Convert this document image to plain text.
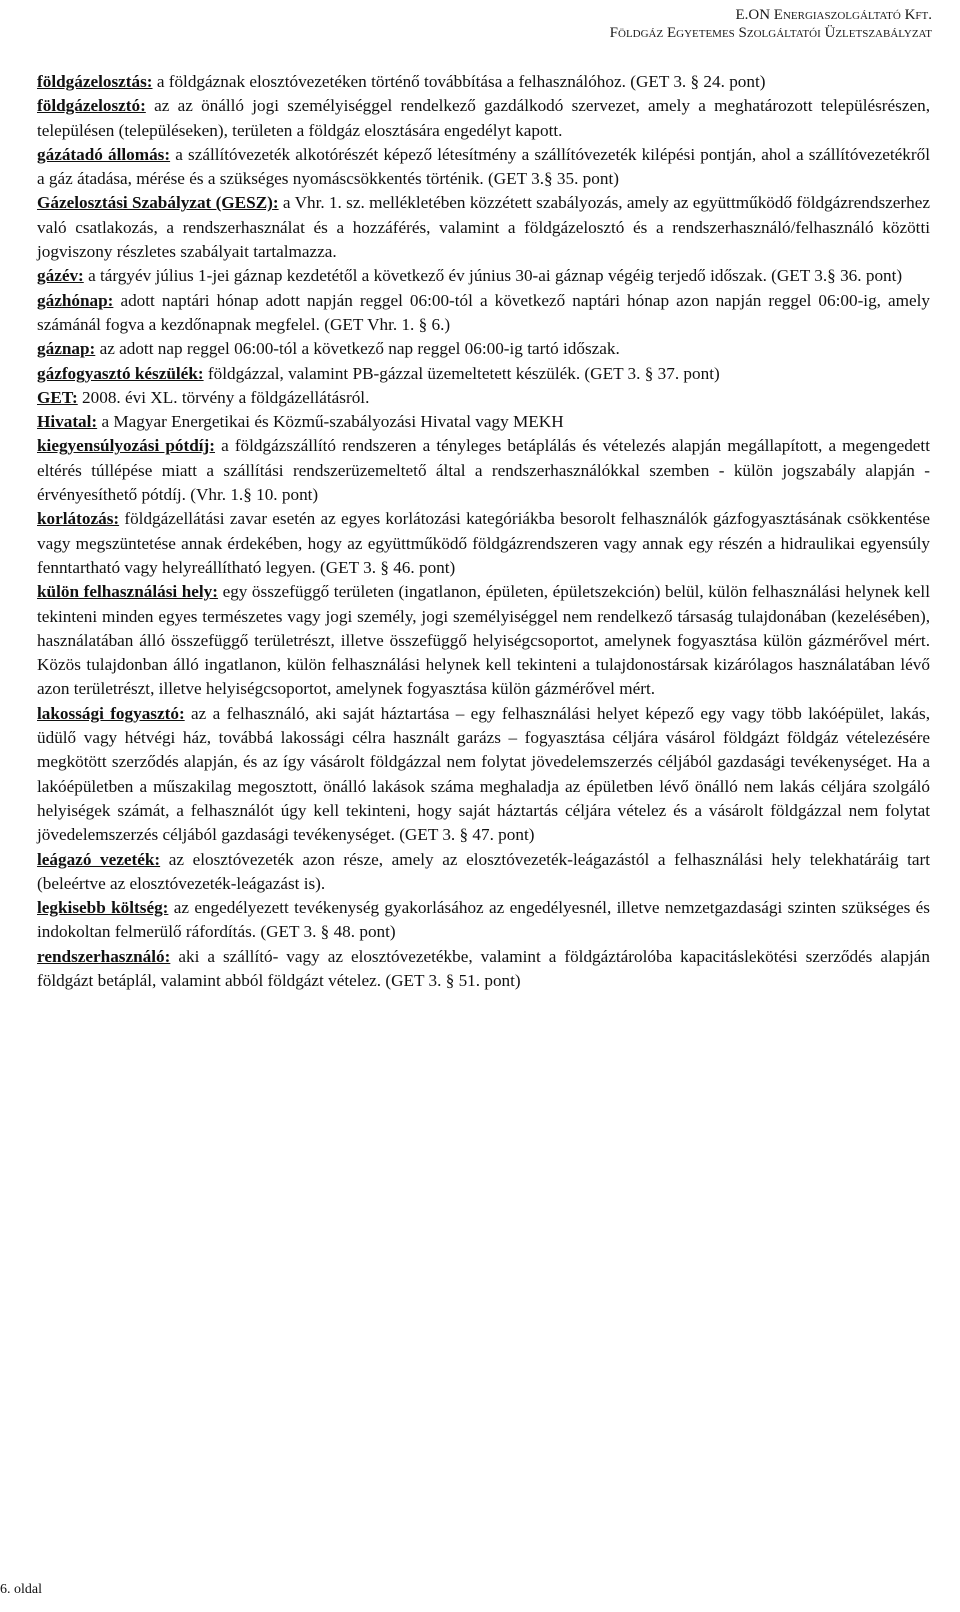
E.ON Energiaszolgáltató Kft.
Földgáz Egyetemes Szolgáltatói Üzletszabályzat

földgázelosztás: a földgáznak elosztóvezetéken történő továbbítása a felhasználóhoz. (GET 3. § 24. pont)

földgázelosztó: az az önálló jogi személyiséggel rendelkező gazdálkodó szervezet, amely a meghatározott településrészen, településen (településeken), területen a földgáz elosztására engedélyt kapott.

gázátadó állomás: a szállítóvezeték alkotórészét képező létesítmény a szállítóvezeték kilépési pontján, ahol a szállítóvezetékről a gáz átadása, mérése és a szükséges nyomáscsökkentés történik. (GET 3.§ 35. pont)

Gázelosztási Szabályzat (GESZ): a Vhr. 1. sz. mellékletében közzétett szabályozás, amely az együttműködő földgázrendszerhez való csatlakozás, a rendszerhasználat és a hozzáférés, valamint a földgázelosztó és a rendszerhasználó/felhasználó közötti jogviszony részletes szabályait tartalmazza.

gázév: a tárgyév július 1-jei gáznap kezdetétől a következő év június 30-ai gáznap végéig terjedő időszak. (GET 3.§ 36. pont)

gázhónap: adott naptári hónap adott napján reggel 06:00-tól a következő naptári hónap azon napján reggel 06:00-ig, amely számánál fogva a kezdőnapnak megfelel. (GET Vhr. 1. § 6.)

gáznap: az adott nap reggel 06:00-tól a következő nap reggel 06:00-ig tartó időszak.

gázfogyasztó készülék: földgázzal, valamint PB-gázzal üzemeltetett készülék. (GET 3. § 37. pont)

GET: 2008. évi XL. törvény a földgázellátásról.

Hivatal: a Magyar Energetikai és Közmű-szabályozási Hivatal vagy MEKH

kiegyensúlyozási pótdíj: a földgázszállító rendszeren a tényleges betáplálás és vételezés alapján megállapított, a megengedett eltérés túllépése miatt a szállítási rendszerüzemeltető által a rendszerhasználókkal szemben - külön jogszabály alapján - érvényesíthető pótdíj. (Vhr. 1.§ 10. pont)

korlátozás: földgázellátási zavar esetén az egyes korlátozási kategóriákba besorolt felhasználók gázfogyasztásának csökkentése vagy megszüntetése annak érdekében, hogy az együttműködő földgázrendszeren vagy annak egy részén a hidraulikai egyensúly fenntartható vagy helyreállítható legyen. (GET 3. § 46. pont)

külön felhasználási hely: egy összefüggő területen (ingatlanon, épületen, épületszekción) belül, külön felhasználási helynek kell tekinteni minden egyes természetes vagy jogi személy, jogi személyiséggel nem rendelkező társaság tulajdonában (kezelésében), használatában álló összefüggő területrészt, illetve összefüggő helyiségcsoportot, amelynek fogyasztása külön gázmérővel mért. Közös tulajdonban álló ingatlanon, külön felhasználási helynek kell tekinteni a tulajdonostársak kizárólagos használatában lévő azon területrészt, illetve helyiségcsoportot, amelynek fogyasztása külön gázmérővel mért.

lakossági fogyasztó: az a felhasználó, aki saját háztartása – egy felhasználási helyet képező egy vagy több lakóépület, lakás, üdülő vagy hétvégi ház, továbbá lakossági célra használt garázs – fogyasztása céljára vásárol földgázt földgáz vételezésére megkötött szerződés alapján, és az így vásárolt földgázzal nem folytat jövedelemszerzés céljából gazdasági tevékenységet. Ha a lakóépületben a műszakilag megosztott, önálló lakások száma meghaladja az épületben lévő önálló nem lakás céljára szolgáló helyiségek számát, a felhasználót úgy kell tekinteni, hogy saját háztartás céljára vételez és a vásárolt földgázzal nem folytat jövedelemszerzés céljából gazdasági tevékenységet. (GET 3. § 47. pont)

leágazó vezeték: az elosztóvezeték azon része, amely az elosztóvezeték-leágazástól a felhasználási hely telekhatáráig tart (beleértve az elosztóvezeték-leágazást is).

legkisebb költség: az engedélyezett tevékenység gyakorlásához az engedélyesnél, illetve nemzetgazdasági szinten szükséges és indokoltan felmerülő ráfordítás. (GET 3. § 48. pont)

rendszerhasználó: aki a szállító- vagy az elosztóvezetékbe, valamint a földgáztárolóba kapacitáslekötési szerződés alapján földgázt betáplál, valamint abból földgázt vételez. (GET 3. § 51. pont)

6. oldal
